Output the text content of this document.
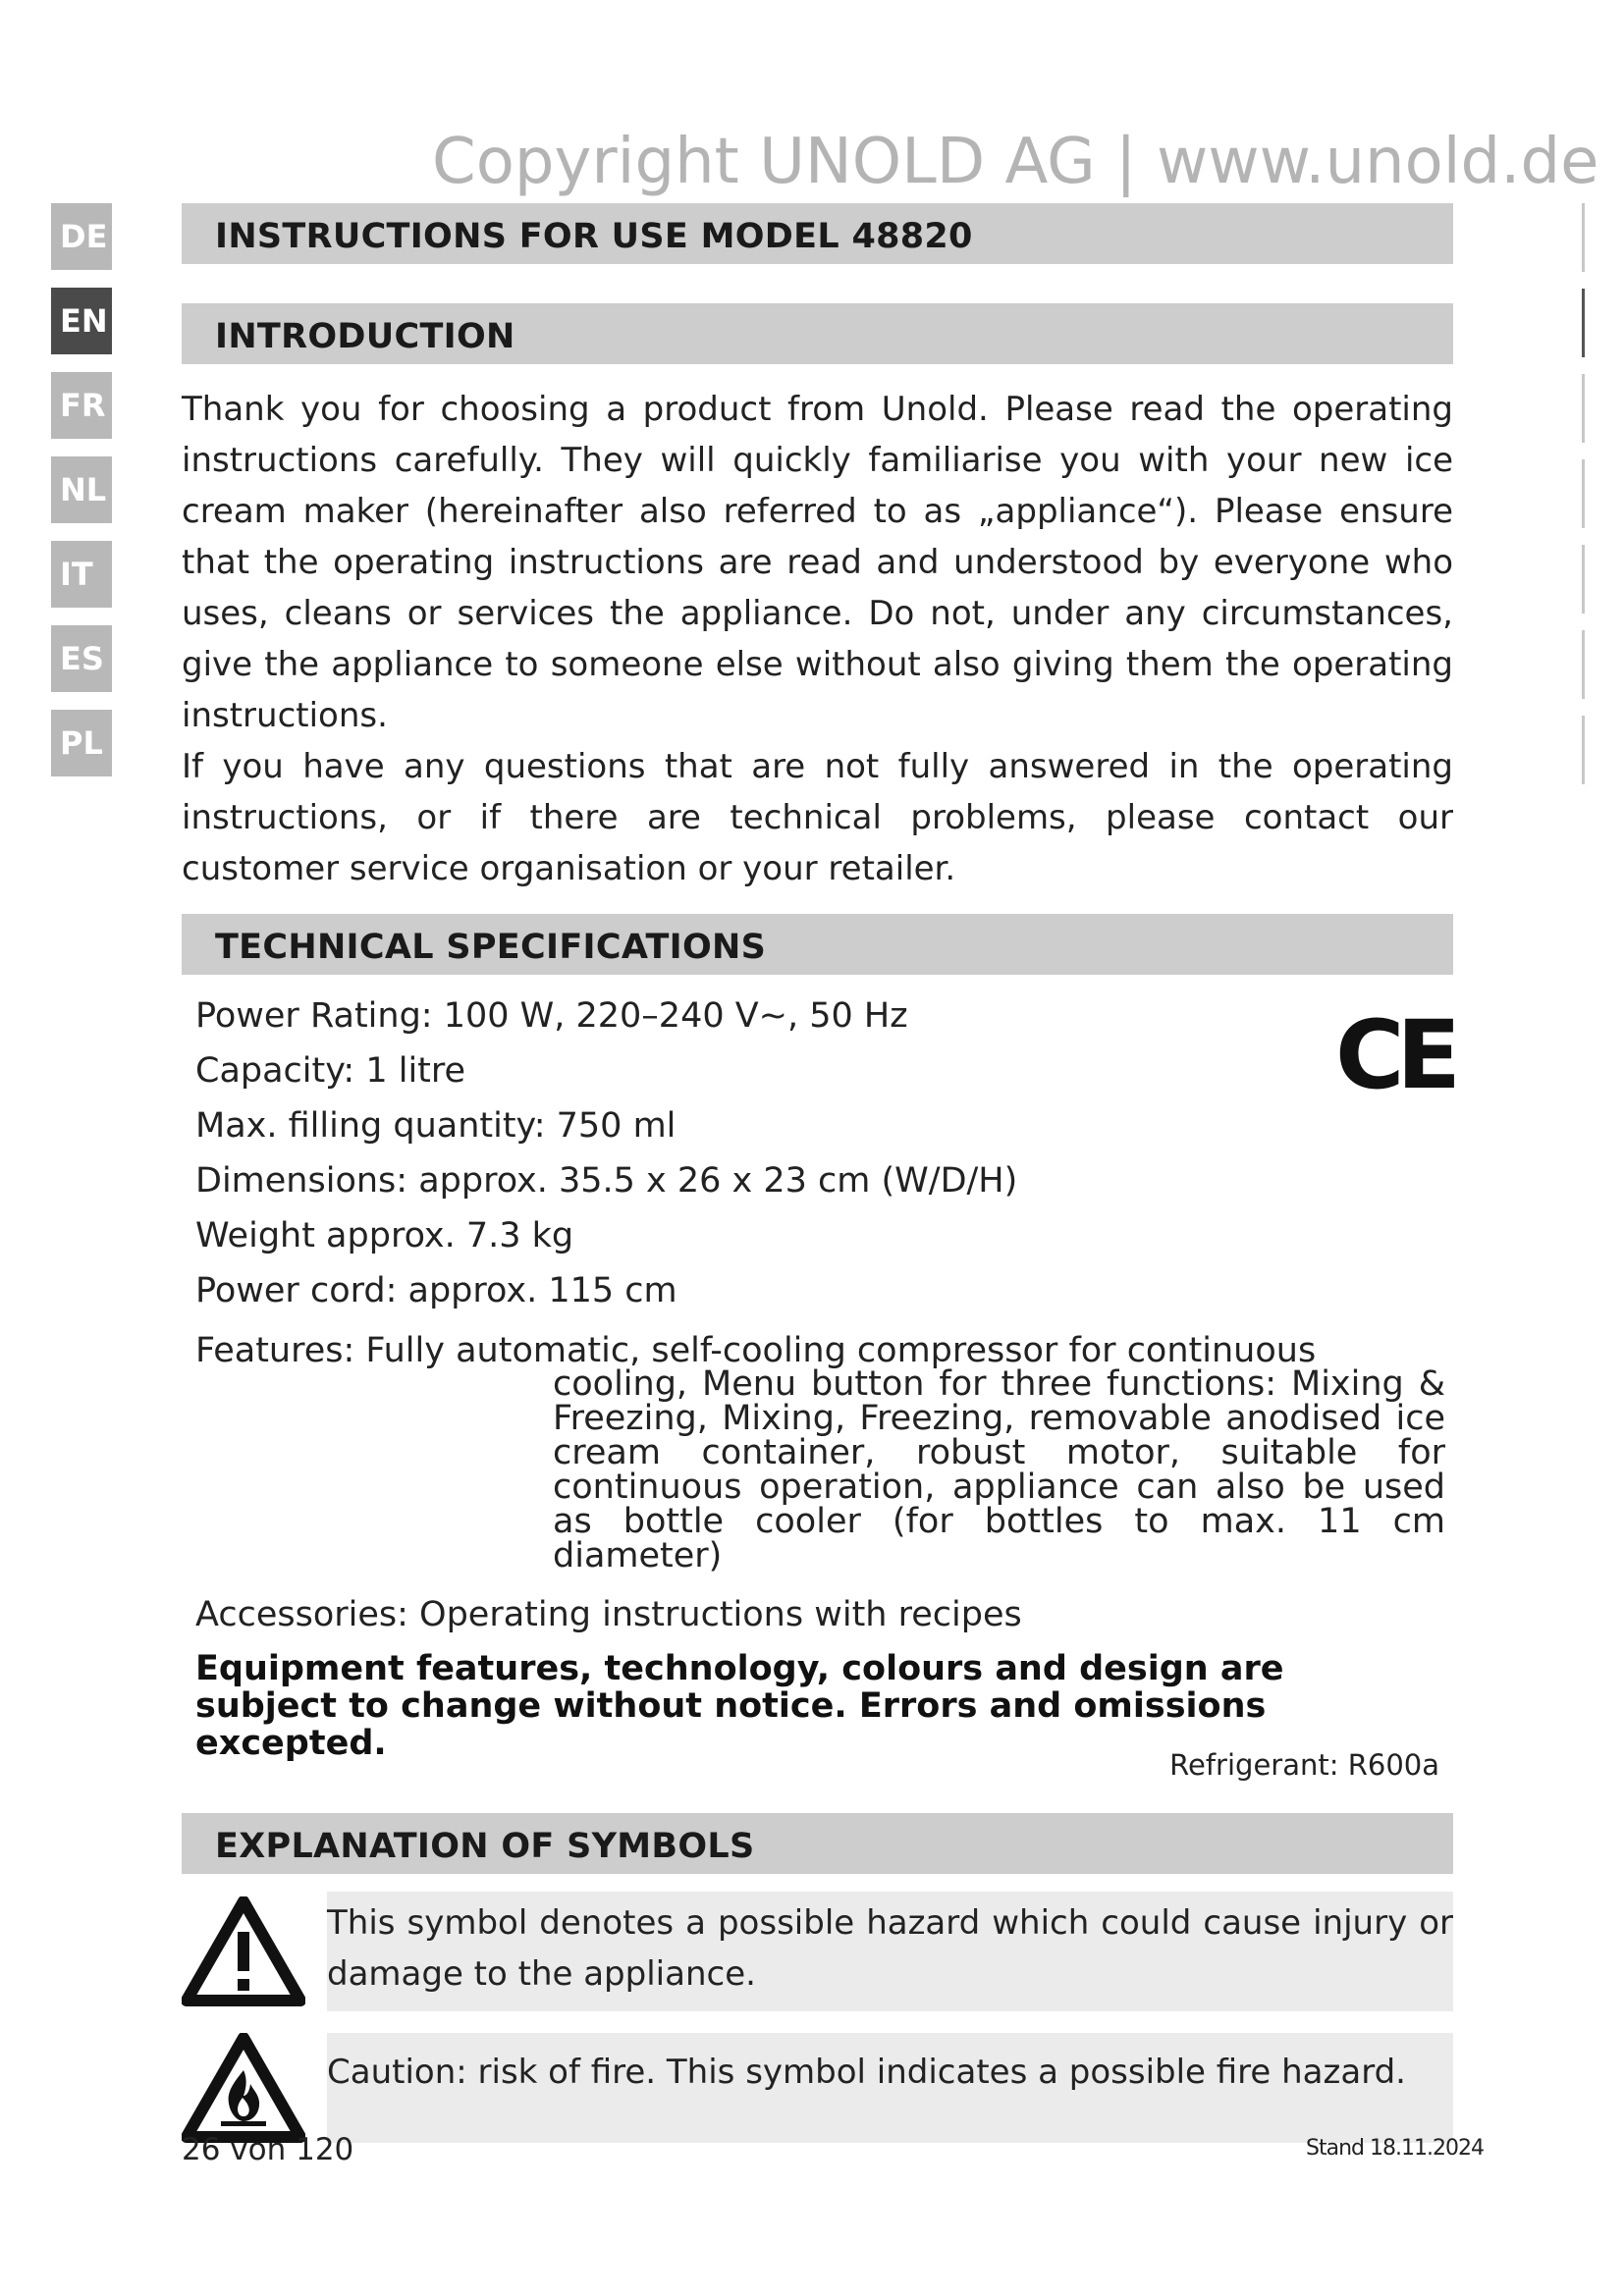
Copyright UNOLD AG | www.unold.de
DE
EN
FR
NL
IT
ES
PL
INSTRUCTIONS FOR USE MODEL 48820
INTRODUCTION
Thank you for choosing a product from Unold. Please read the operating instructions carefully. They will quickly familiarise you with your new ice cream maker (hereinafter also referred to as „appliance“). Please ensure that the operating instructions are read and understood by everyone who uses, cleans or services the appliance. Do not, under any circumstances, give the appliance to someone else without also giving them the operating instructions.
If you have any questions that are not fully answered in the operating instructions, or if there are technical problems, please contact our customer service organisation or your retailer.
TECHNICAL SPECIFICATIONS
CE
Power Rating: 100 W, 220–240 V~, 50 Hz
Capacity: 1 litre
Max. filling quantity: 750 ml
Dimensions: approx. 35.5 x 26 x 23 cm (W/D/H)
Weight approx. 7.3 kg
Power cord: approx. 115 cm
Features: Fully automatic, self-cooling compressor for continuous
cooling, Menu button for three functions: Mixing & Freezing, Mixing, Freezing, removable anodised ice cream container, robust motor, suitable for continuous operation, appliance can also be used as bottle cooler (for bottles to max. 11 cm diameter)
Accessories: Operating instructions with recipes
Equipment features, technology, colours and design are subject to change without notice. Errors and omissions excepted.
Refrigerant: R600a
EXPLANATION OF SYMBOLS
This symbol denotes a possible hazard which could cause injury or damage to the appliance.
Caution: risk of fire. This symbol indicates a possible fire hazard.
26 von 120	Stand 18.11.2024
